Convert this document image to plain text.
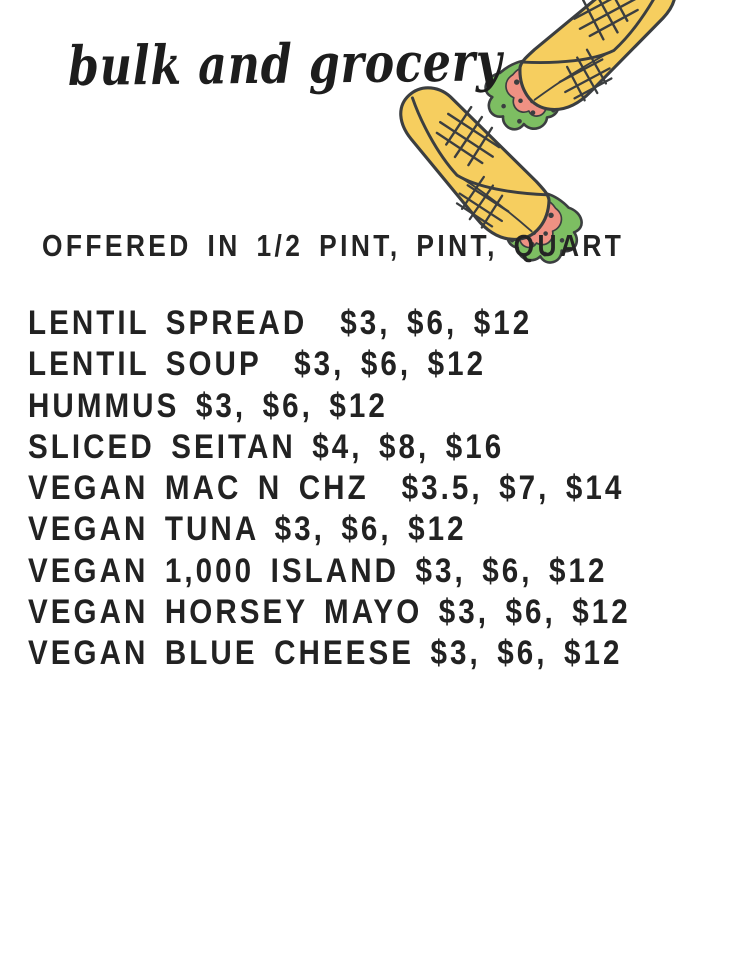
bulk and grocery
OFFERED IN 1/2 PINT, PINT, QUART
LENTIL SPREAD  $3, $6, $12
LENTIL SOUP  $3, $6, $12
HUMMUS $3, $6, $12
SLICED SEITAN $4, $8, $16
VEGAN MAC N CHZ  $3.5, $7, $14
VEGAN TUNA $3, $6, $12
VEGAN 1,000 ISLAND $3, $6, $12
VEGAN HORSEY MAYO $3, $6, $12
VEGAN BLUE CHEESE $3, $6, $12
